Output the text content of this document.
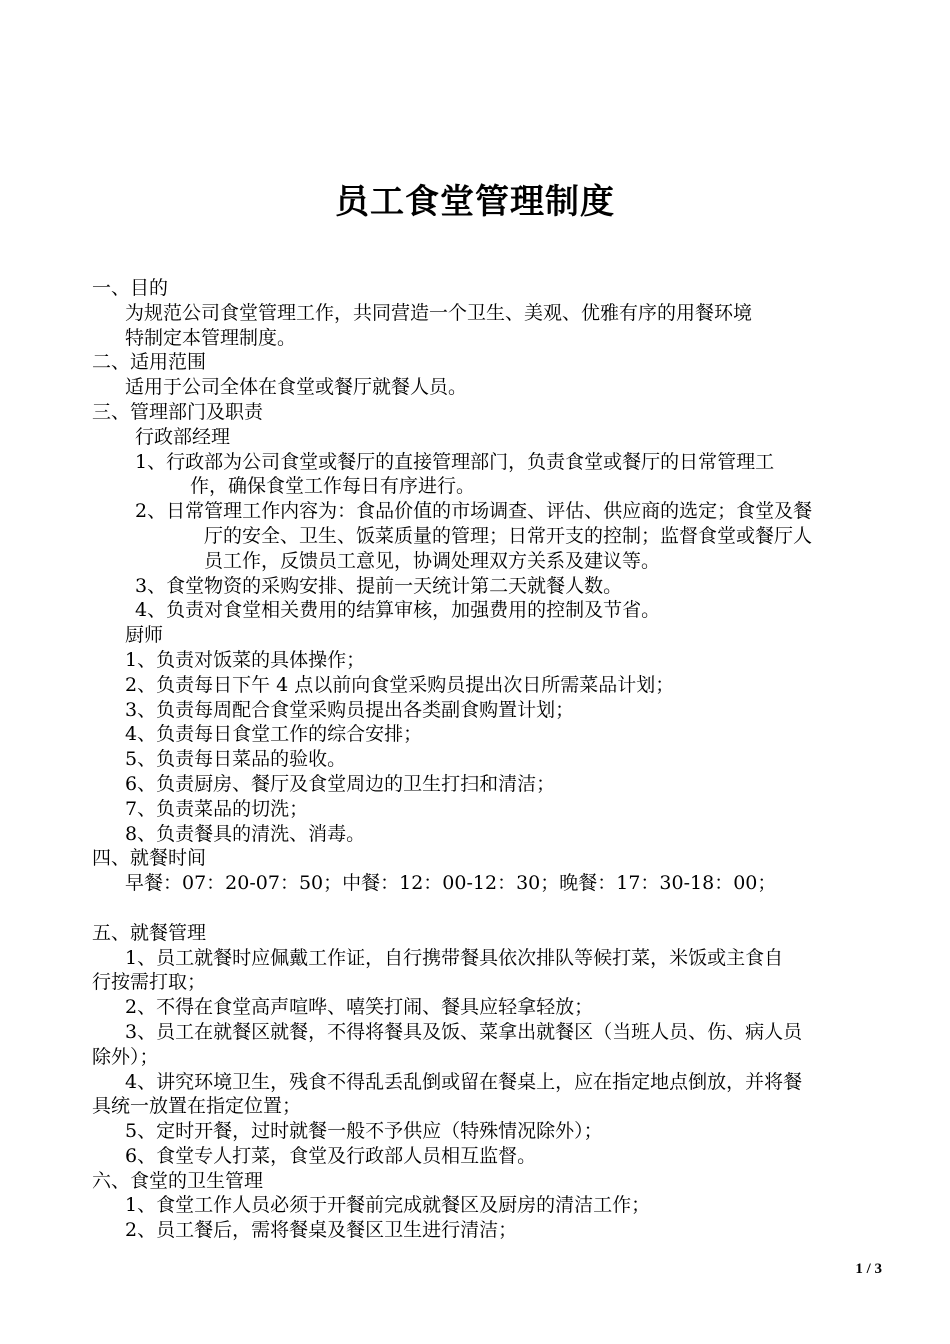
员工食堂管理制度
一、目的
为规范公司食堂管理工作，共同营造一个卫生、美观、优雅有序的用餐环境
特制定本管理制度。
二、适用范围
适用于公司全体在食堂或餐厅就餐人员。
三、管理部门及职责
行政部经理
1、行政部为公司食堂或餐厅的直接管理部门，负责食堂或餐厅的日常管理工
作，确保食堂工作每日有序进行。
2、日常管理工作内容为：食品价值的市场调查、评估、供应商的选定；食堂及餐
厅的安全、卫生、饭菜质量的管理；日常开支的控制；监督食堂或餐厅人
员工作，反馈员工意见，协调处理双方关系及建议等。
3、食堂物资的采购安排、提前一天统计第二天就餐人数。
4、负责对食堂相关费用的结算审核，加强费用的控制及节省。
厨师
1、负责对饭菜的具体操作；
2、负责每日下午 4 点以前向食堂采购员提出次日所需菜品计划；
3、负责每周配合食堂采购员提出各类副食购置计划；
4、负责每日食堂工作的综合安排；
5、负责每日菜品的验收。
6、负责厨房、餐厅及食堂周边的卫生打扫和清洁；
7、负责菜品的切洗；
8、负责餐具的清洗、消毒。
四、就餐时间
早餐：07：20-07：50；中餐：12：00-12：30；晚餐：17：30-18：00；
五、就餐管理
1、员工就餐时应佩戴工作证，自行携带餐具依次排队等候打菜，米饭或主食自
行按需打取；
2、不得在食堂高声喧哗、嘻笑打闹、餐具应轻拿轻放；
3、员工在就餐区就餐，不得将餐具及饭、菜拿出就餐区（当班人员、伤、病人员
除外）；
4、讲究环境卫生，残食不得乱丢乱倒或留在餐桌上，应在指定地点倒放，并将餐
具统一放置在指定位置；
5、定时开餐，过时就餐一般不予供应（特殊情况除外）；
6、食堂专人打菜，食堂及行政部人员相互监督。
六、食堂的卫生管理
1、食堂工作人员必须于开餐前完成就餐区及厨房的清洁工作；
2、员工餐后，需将餐桌及餐区卫生进行清洁；
1 / 3
